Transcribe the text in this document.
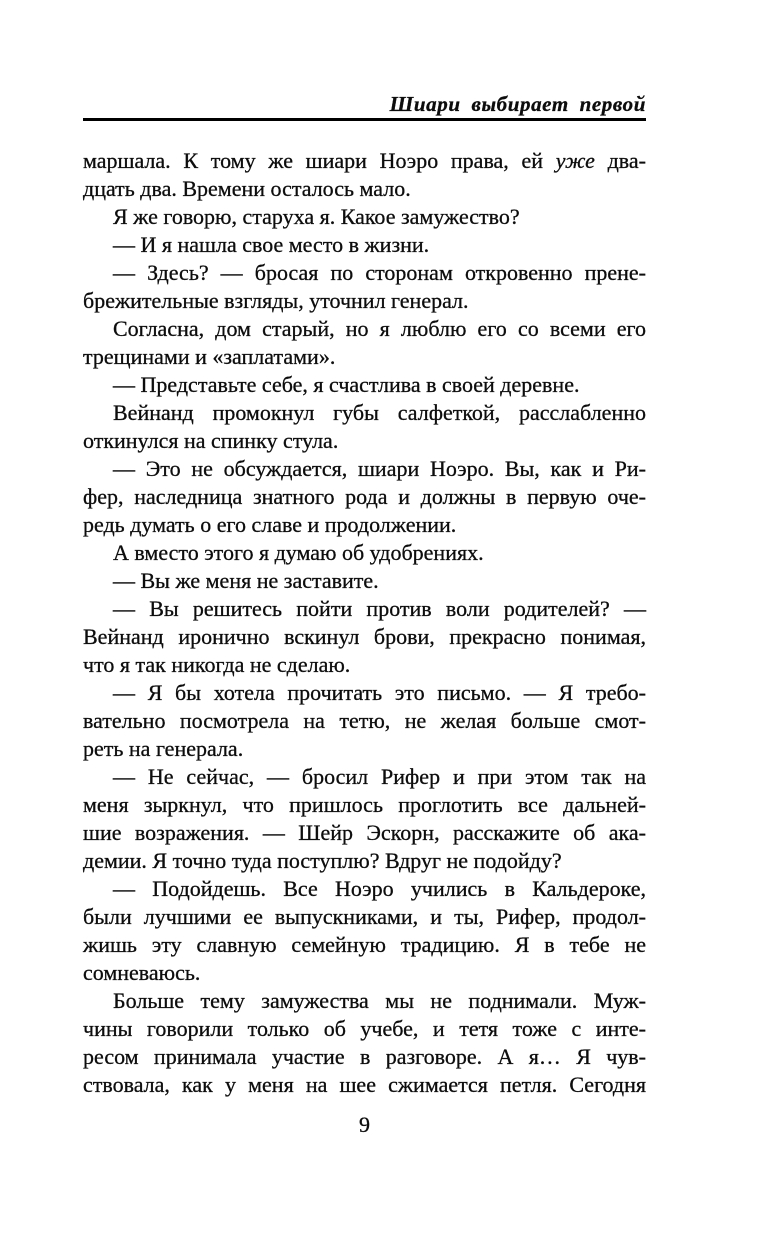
Шиари выбирает первой
маршала. К тому же шиари Ноэро права, ей уже два-
дцать два. Времени осталось мало.
Я же говорю, старуха я. Какое замужество?
— И я нашла свое место в жизни.
— Здесь? — бросая по сторонам откровенно прене-
брежительные взгляды, уточнил генерал.
Согласна, дом старый, но я люблю его со всеми его
трещинами и «заплатами».
— Представьте себе, я счастлива в своей деревне.
Вейнанд промокнул губы салфеткой, расслабленно
откинулся на спинку стула.
— Это не обсуждается, шиари Ноэро. Вы, как и Ри-
фер, наследница знатного рода и должны в первую оче-
редь думать о его славе и продолжении.
А вместо этого я думаю об удобрениях.
— Вы же меня не заставите.
— Вы решитесь пойти против воли родителей? —
Вейнанд иронично вскинул брови, прекрасно понимая,
что я так никогда не сделаю.
— Я бы хотела прочитать это письмо. — Я требо-
вательно посмотрела на тетю, не желая больше смот-
реть на генерала.
— Не сейчас, — бросил Рифер и при этом так на
меня зыркнул, что пришлось проглотить все дальней-
шие возражения. — Шейр Эскорн, расскажите об ака-
демии. Я точно туда поступлю? Вдруг не подойду?
— Подойдешь. Все Ноэро учились в Кальдероке,
были лучшими ее выпускниками, и ты, Рифер, продол-
жишь эту славную семейную традицию. Я в тебе не
сомневаюсь.
Больше тему замужества мы не поднимали. Муж-
чины говорили только об учебе, и тетя тоже с инте-
ресом принимала участие в разговоре. А я… Я чув-
ствовала, как у меня на шее сжимается петля. Сегодня
9
